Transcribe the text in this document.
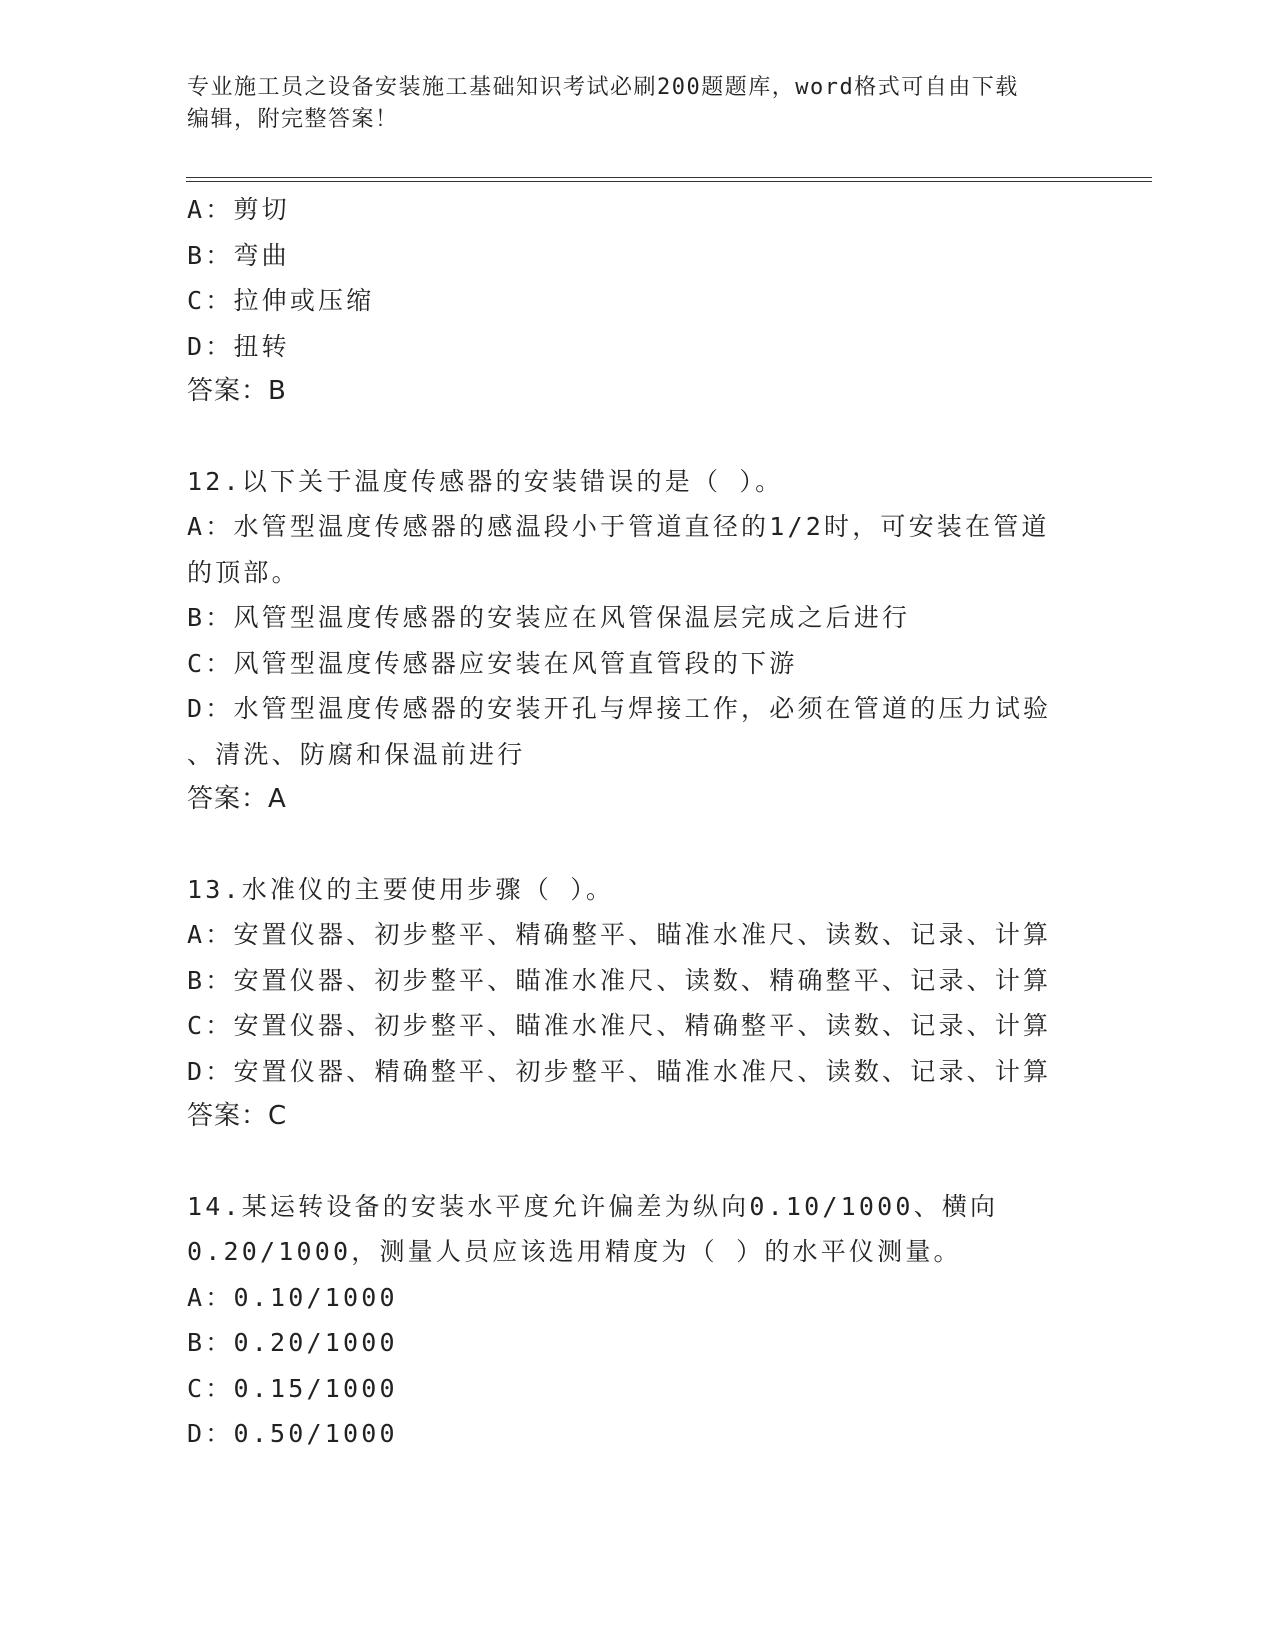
专业施工员之设备安装施工基础知识考试必刷200题题库，word格式可自由下载
编辑，附完整答案！
A：剪切
B：弯曲
C：拉伸或压缩
D：扭转
答案：B
12.以下关于温度传感器的安装错误的是（ ）。
A：水管型温度传感器的感温段小于管道直径的1/2时，可安装在管道
的顶部。
B：风管型温度传感器的安装应在风管保温层完成之后进行
C：风管型温度传感器应安装在风管直管段的下游
D：水管型温度传感器的安装开孔与焊接工作，必须在管道的压力试验
、清洗、防腐和保温前进行
答案：A
13.水准仪的主要使用步骤（ ）。
A：安置仪器、初步整平、精确整平、瞄准水准尺、读数、记录、计算
B：安置仪器、初步整平、瞄准水准尺、读数、精确整平、记录、计算
C：安置仪器、初步整平、瞄准水准尺、精确整平、读数、记录、计算
D：安置仪器、精确整平、初步整平、瞄准水准尺、读数、记录、计算
答案：C
14.某运转设备的安装水平度允许偏差为纵向0.10/1000、横向
0.20/1000，测量人员应该选用精度为（ ）的水平仪测量。
A：0.10/1000
B：0.20/1000
C：0.15/1000
D：0.50/1000
